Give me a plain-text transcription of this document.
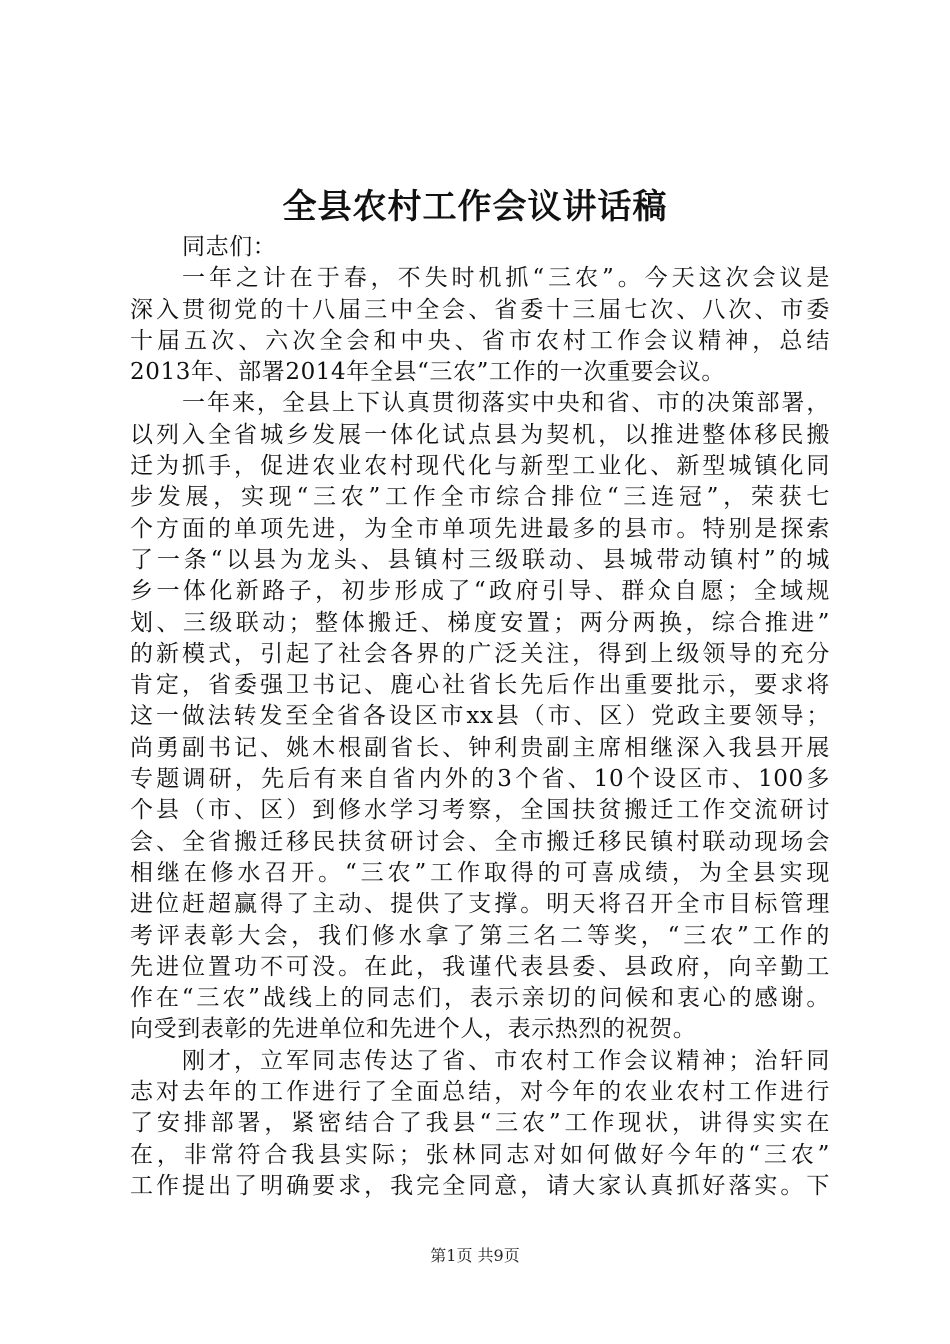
全县农村工作会议讲话稿
同志们：
一年之计在于春，不失时机抓“三农”。今天这次会议是
深入贯彻党的十八届三中全会、省委十三届七次、八次、市委
十届五次、六次全会和中央、省市农村工作会议精神，总结
2013年、部署2014年全县“三农”工作的一次重要会议。
一年来，全县上下认真贯彻落实中央和省、市的决策部署，
以列入全省城乡发展一体化试点县为契机，以推进整体移民搬
迁为抓手，促进农业农村现代化与新型工业化、新型城镇化同
步发展，实现“三农”工作全市综合排位“三连冠”，荣获七
个方面的单项先进，为全市单项先进最多的县市。特别是探索
了一条“以县为龙头、县镇村三级联动、县城带动镇村”的城
乡一体化新路子，初步形成了“政府引导、群众自愿；全域规
划、三级联动；整体搬迁、梯度安置；两分两换，综合推进”
的新模式，引起了社会各界的广泛关注，得到上级领导的充分
肯定，省委强卫书记、鹿心社省长先后作出重要批示，要求将
这一做法转发至全省各设区市xx县（市、区）党政主要领导；
尚勇副书记、姚木根副省长、钟利贵副主席相继深入我县开展
专题调研，先后有来自省内外的3个省、10个设区市、100多
个县（市、区）到修水学习考察，全国扶贫搬迁工作交流研讨
会、全省搬迁移民扶贫研讨会、全市搬迁移民镇村联动现场会
相继在修水召开。“三农”工作取得的可喜成绩，为全县实现
进位赶超赢得了主动、提供了支撑。明天将召开全市目标管理
考评表彰大会，我们修水拿了第三名二等奖，“三农”工作的
先进位置功不可没。在此，我谨代表县委、县政府，向辛勤工
作在“三农”战线上的同志们，表示亲切的问候和衷心的感谢。
向受到表彰的先进单位和先进个人，表示热烈的祝贺。
刚才，立军同志传达了省、市农村工作会议精神；治轩同
志对去年的工作进行了全面总结，对今年的农业农村工作进行
了安排部署，紧密结合了我县“三农”工作现状，讲得实实在
在，非常符合我县实际；张林同志对如何做好今年的“三农”
工作提出了明确要求，我完全同意，请大家认真抓好落实。下
第1页 共9页
